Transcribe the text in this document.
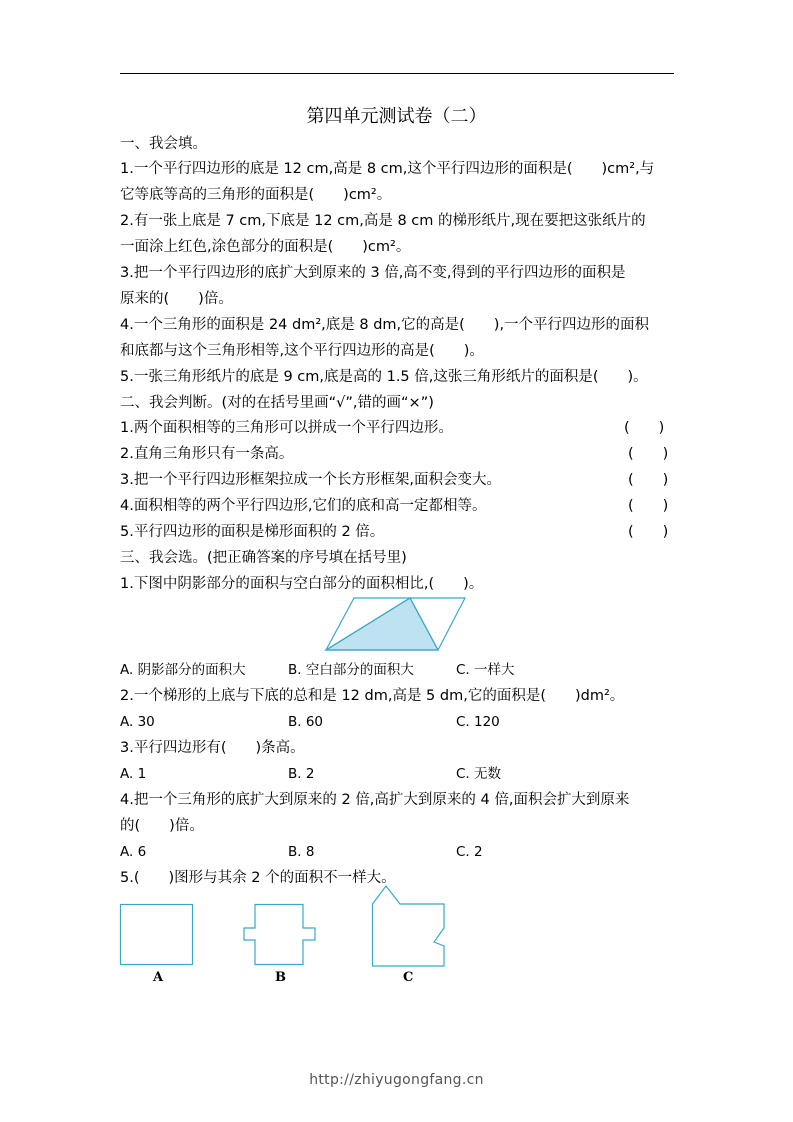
第四单元测试卷（二）
一、我会填。
1.一个平行四边形的底是 12 cm,高是 8 cm,这个平行四边形的面积是(　　)cm²,与
它等底等高的三角形的面积是(　　)cm²。
2.有一张上底是 7 cm,下底是 12 cm,高是 8 cm 的梯形纸片,现在要把这张纸片的
一面涂上红色,涂色部分的面积是(　　)cm²。
3.把一个平行四边形的底扩大到原来的 3 倍,高不变,得到的平行四边形的面积是
原来的(　　)倍。
4.一个三角形的面积是 24 dm²,底是 8 dm,它的高是(　　),一个平行四边形的面积
和底都与这个三角形相等,这个平行四边形的高是(　　)。
5.一张三角形纸片的底是 9 cm,底是高的 1.5 倍,这张三角形纸片的面积是(　　)。
二、我会判断。(对的在括号里画“√”,错的画“×”)
1.两个面积相等的三角形可以拼成一个平行四边形。	(　　)
2.直角三角形只有一条高。	(　　)
3.把一个平行四边形框架拉成一个长方形框架,面积会变大。	(　　)
4.面积相等的两个平行四边形,它们的底和高一定都相等。	(　　)
5.平行四边形的面积是梯形面积的 2 倍。	(　　)
三、我会选。(把正确答案的序号填在括号里)
1.下图中阴影部分的面积与空白部分的面积相比,(　　)。
A. 阴影部分的面积大	B. 空白部分的面积大	C. 一样大
2.一个梯形的上底与下底的总和是 12 dm,高是 5 dm,它的面积是(　　)dm²。
A. 30	B. 60	C. 120
3.平行四边形有(　　)条高。
A. 1	B. 2	C. 无数
4.把一个三角形的底扩大到原来的 2 倍,高扩大到原来的 4 倍,面积会扩大到原来
的(　　)倍。
A. 6	B. 8	C. 2
5.(　　)图形与其余 2 个的面积不一样大。
A	B	C
http://zhiyugongfang.cn
